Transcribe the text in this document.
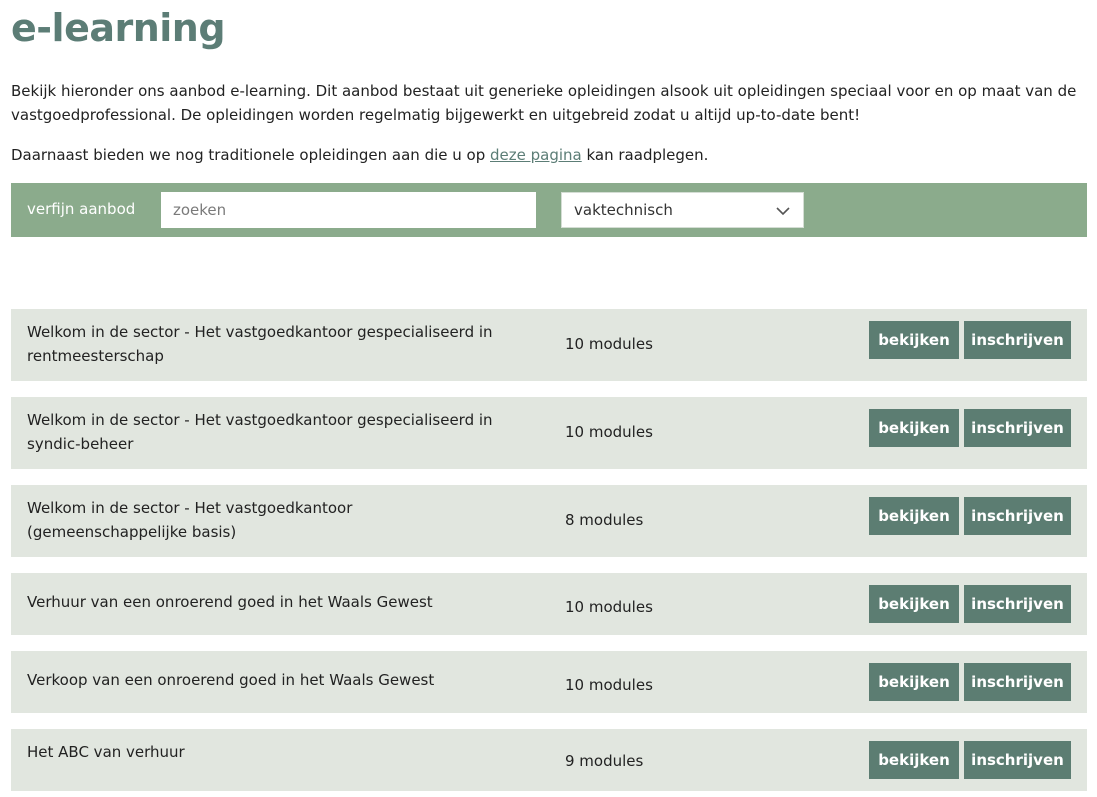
e-learning

Bekijk hieronder ons aanbod e-learning. Dit aanbod bestaat uit generieke opleidingen alsook uit opleidingen speciaal voor en op maat van de vastgoedprofessional. De opleidingen worden regelmatig bijgewerkt en uitgebreid zodat u altijd up-to-date bent!

Daarnaast bieden we nog traditionele opleidingen aan die u op deze pagina kan raadplegen.

verfijn aanbod
zoeken	vaktechnisch
Welkom in de sector - Het vastgoedkantoor gespecialiseerd in rentmeesterschap
10 modules	bekijken	inschrijven
Welkom in de sector - Het vastgoedkantoor gespecialiseerd in syndic-beheer
10 modules	bekijken	inschrijven
Welkom in de sector - Het vastgoedkantoor (gemeenschappelijke basis)
8 modules	bekijken	inschrijven
Verhuur van een onroerend goed in het Waals Gewest	10 modules	bekijken	inschrijven
Verkoop van een onroerend goed in het Waals Gewest	10 modules	bekijken	inschrijven
Het ABC van verhuur	9 modules	bekijken	inschrijven
